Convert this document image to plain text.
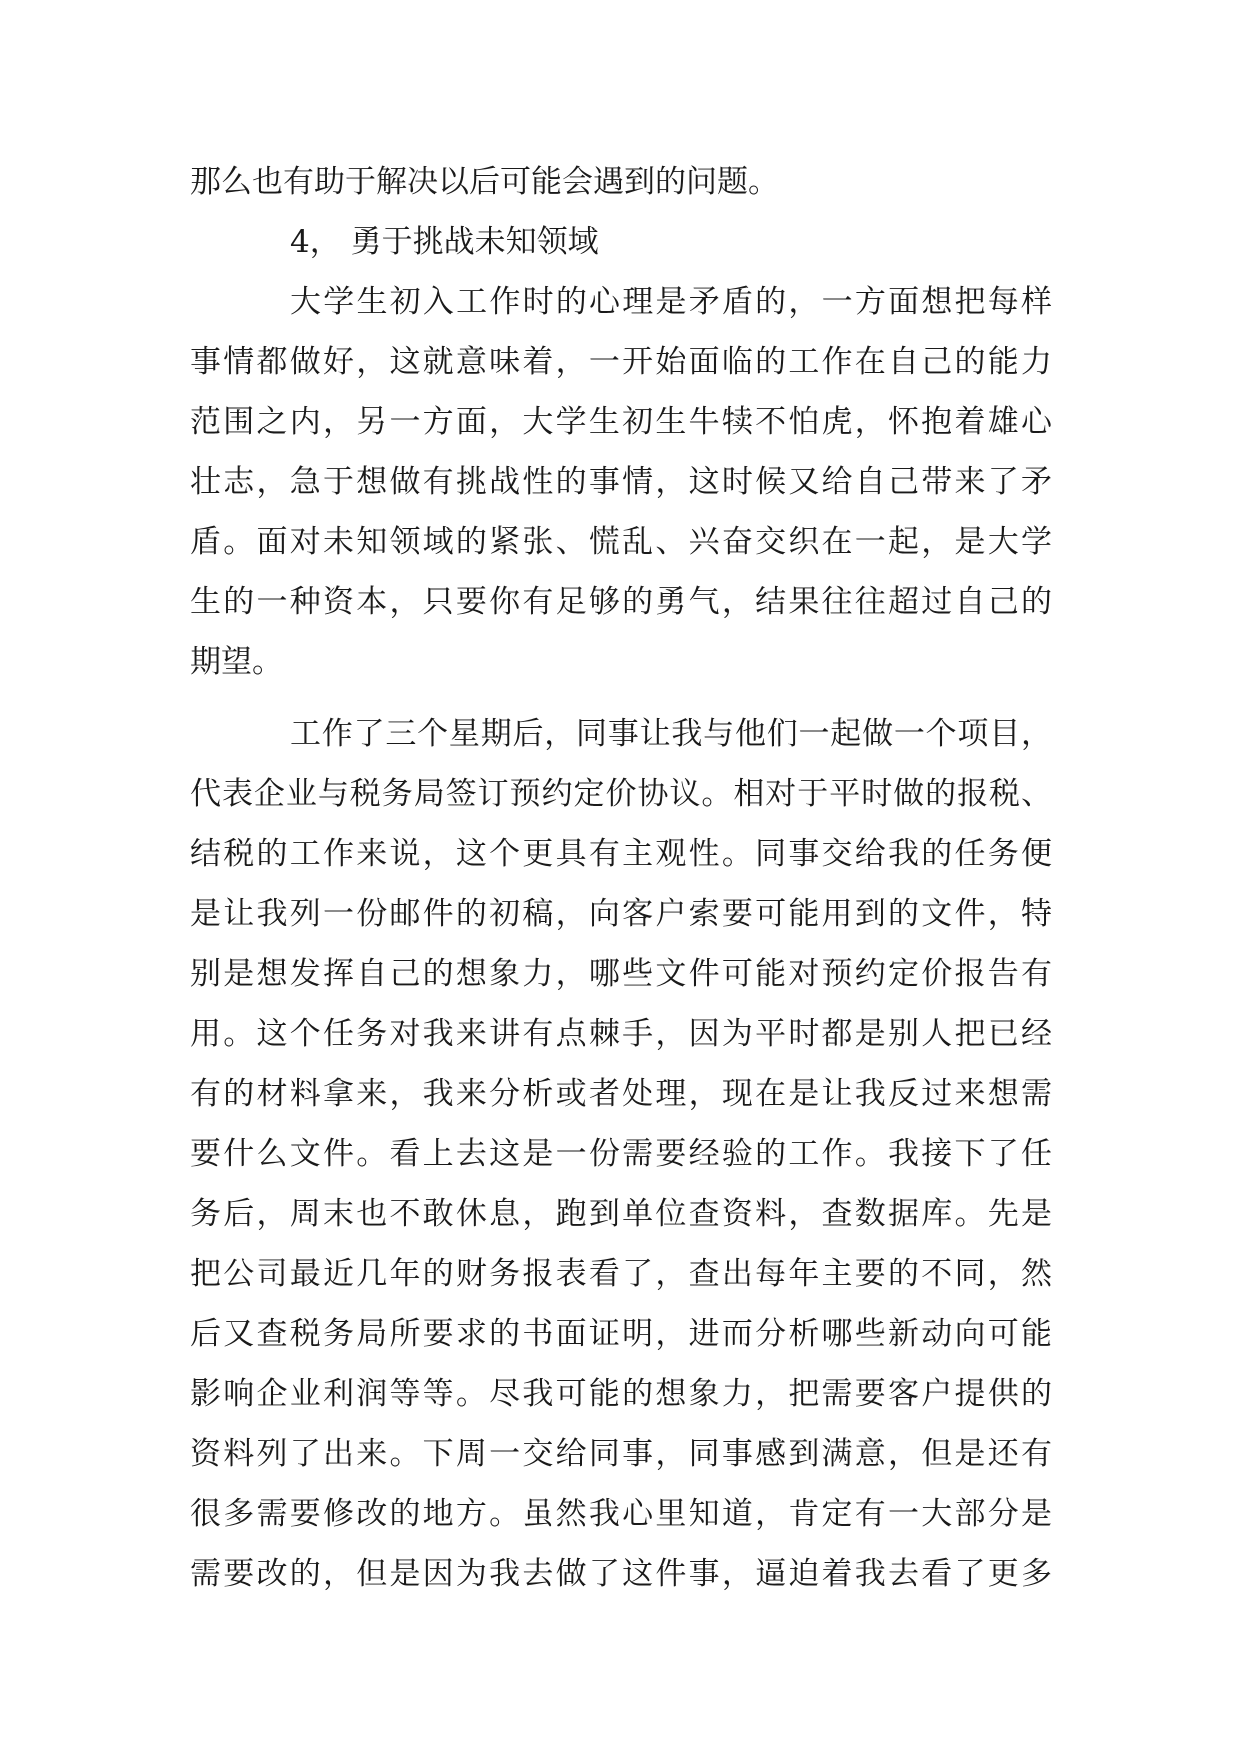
那么也有助于解决以后可能会遇到的问题。
4， 勇于挑战未知领域
大学生初入工作时的心理是矛盾的，一方面想把每样
事情都做好，这就意味着，一开始面临的工作在自己的能力
范围之内，另一方面，大学生初生牛犊不怕虎，怀抱着雄心
壮志，急于想做有挑战性的事情，这时候又给自己带来了矛
盾。面对未知领域的紧张、慌乱、兴奋交织在一起，是大学
生的一种资本，只要你有足够的勇气，结果往往超过自己的
期望。
工作了三个星期后，同事让我与他们一起做一个项目，
代表企业与税务局签订预约定价协议。相对于平时做的报税、
结税的工作来说，这个更具有主观性。同事交给我的任务便
是让我列一份邮件的初稿，向客户索要可能用到的文件，特
别是想发挥自己的想象力，哪些文件可能对预约定价报告有
用。这个任务对我来讲有点棘手，因为平时都是别人把已经
有的材料拿来，我来分析或者处理，现在是让我反过来想需
要什么文件。看上去这是一份需要经验的工作。我接下了任
务后，周末也不敢休息，跑到单位查资料，查数据库。先是
把公司最近几年的财务报表看了，查出每年主要的不同，然
后又查税务局所要求的书面证明，进而分析哪些新动向可能
影响企业利润等等。尽我可能的想象力，把需要客户提供的
资料列了出来。下周一交给同事，同事感到满意，但是还有
很多需要修改的地方。虽然我心里知道，肯定有一大部分是
需要改的，但是因为我去做了这件事，逼迫着我去看了更多
